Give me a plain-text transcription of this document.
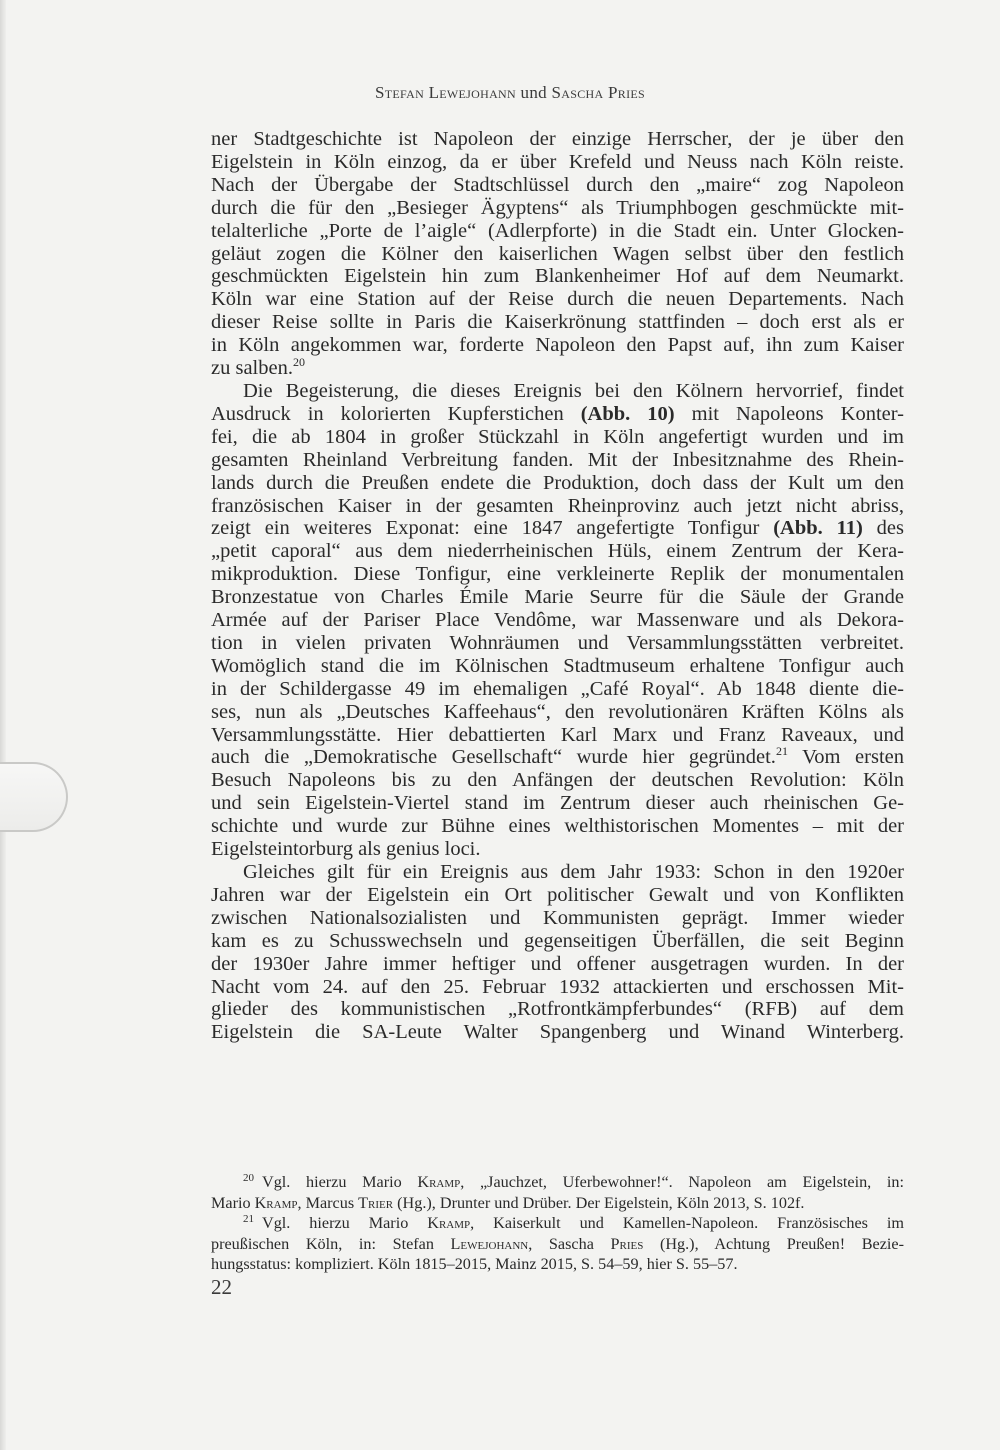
Stefan Lewejohann und Sascha Pries
ner Stadtgeschichte ist Napoleon der einzige Herrscher, der je über den
Eigelstein in Köln einzog, da er über Krefeld und Neuss nach Köln reiste.
Nach der Übergabe der Stadtschlüssel durch den „maire“ zog Napoleon
durch die für den „Besieger Ägyptens“ als Triumphbogen geschmückte mit-
telalterliche „Porte de l’aigle“ (Adlerpforte) in die Stadt ein. Unter Glocken-
geläut zogen die Kölner den kaiserlichen Wagen selbst über den festlich
geschmückten Eigelstein hin zum Blankenheimer Hof auf dem Neumarkt.
Köln war eine Station auf der Reise durch die neuen Departements. Nach
dieser Reise sollte in Paris die Kaiserkrönung stattfinden – doch erst als er
in Köln angekommen war, forderte Napoleon den Papst auf, ihn zum Kaiser
zu salben.$^{20}$
Die Begeisterung, die dieses Ereignis bei den Kölnern hervorrief, findet
Ausdruck in kolorierten Kupferstichen (Abb. 10) mit Napoleons Konter-
fei, die ab 1804 in großer Stückzahl in Köln angefertigt wurden und im
gesamten Rheinland Verbreitung fanden. Mit der Inbesitznahme des Rhein-
lands durch die Preußen endete die Produktion, doch dass der Kult um den
französischen Kaiser in der gesamten Rheinprovinz auch jetzt nicht abriss,
zeigt ein weiteres Exponat: eine 1847 angefertigte Tonfigur (Abb. 11) des
„petit caporal“ aus dem niederrheinischen Hüls, einem Zentrum der Kera-
mikproduktion. Diese Tonfigur, eine verkleinerte Replik der monumentalen
Bronzestatue von Charles Émile Marie Seurre für die Säule der Grande
Armée auf der Pariser Place Vendôme, war Massenware und als Dekora-
tion in vielen privaten Wohnräumen und Versammlungsstätten verbreitet.
Womöglich stand die im Kölnischen Stadtmuseum erhaltene Tonfigur auch
in der Schildergasse 49 im ehemaligen „Café Royal“. Ab 1848 diente die-
ses, nun als „Deutsches Kaffeehaus“, den revolutionären Kräften Kölns als
Versammlungsstätte. Hier debattierten Karl Marx und Franz Raveaux, und
auch die „Demokratische Gesellschaft“ wurde hier gegründet.$^{21}$ Vom ersten
Besuch Napoleons bis zu den Anfängen der deutschen Revolution: Köln
und sein Eigelstein-Viertel stand im Zentrum dieser auch rheinischen Ge-
schichte und wurde zur Bühne eines welthistorischen Momentes – mit der
Eigelsteintorburg als genius loci.
Gleiches gilt für ein Ereignis aus dem Jahr 1933: Schon in den 1920er
Jahren war der Eigelstein ein Ort politischer Gewalt und von Konflikten
zwischen Nationalsozialisten und Kommunisten geprägt. Immer wieder
kam es zu Schusswechseln und gegenseitigen Überfällen, die seit Beginn
der 1930er Jahre immer heftiger und offener ausgetragen wurden. In der
Nacht vom 24. auf den 25. Februar 1932 attackierten und erschossen Mit-
glieder des kommunistischen „Rotfrontkämpferbundes“ (RFB) auf dem
Eigelstein die SA-Leute Walter Spangenberg und Winand Winterberg.
$^{20}$ Vgl. hierzu Mario Kramp, „Jauchzet, Uferbewohner!“. Napoleon am Eigelstein, in:
Mario Kramp, Marcus Trier (Hg.), Drunter und Drüber. Der Eigelstein, Köln 2013, S. 102f.
$^{21}$ Vgl. hierzu Mario Kramp, Kaiserkult und Kamellen-Napoleon. Französisches im
preußischen Köln, in: Stefan Lewejohann, Sascha Pries (Hg.), Achtung Preußen! Bezie-
hungsstatus: kompliziert. Köln 1815–2015, Mainz 2015, S. 54–59, hier S. 55–57.
22
